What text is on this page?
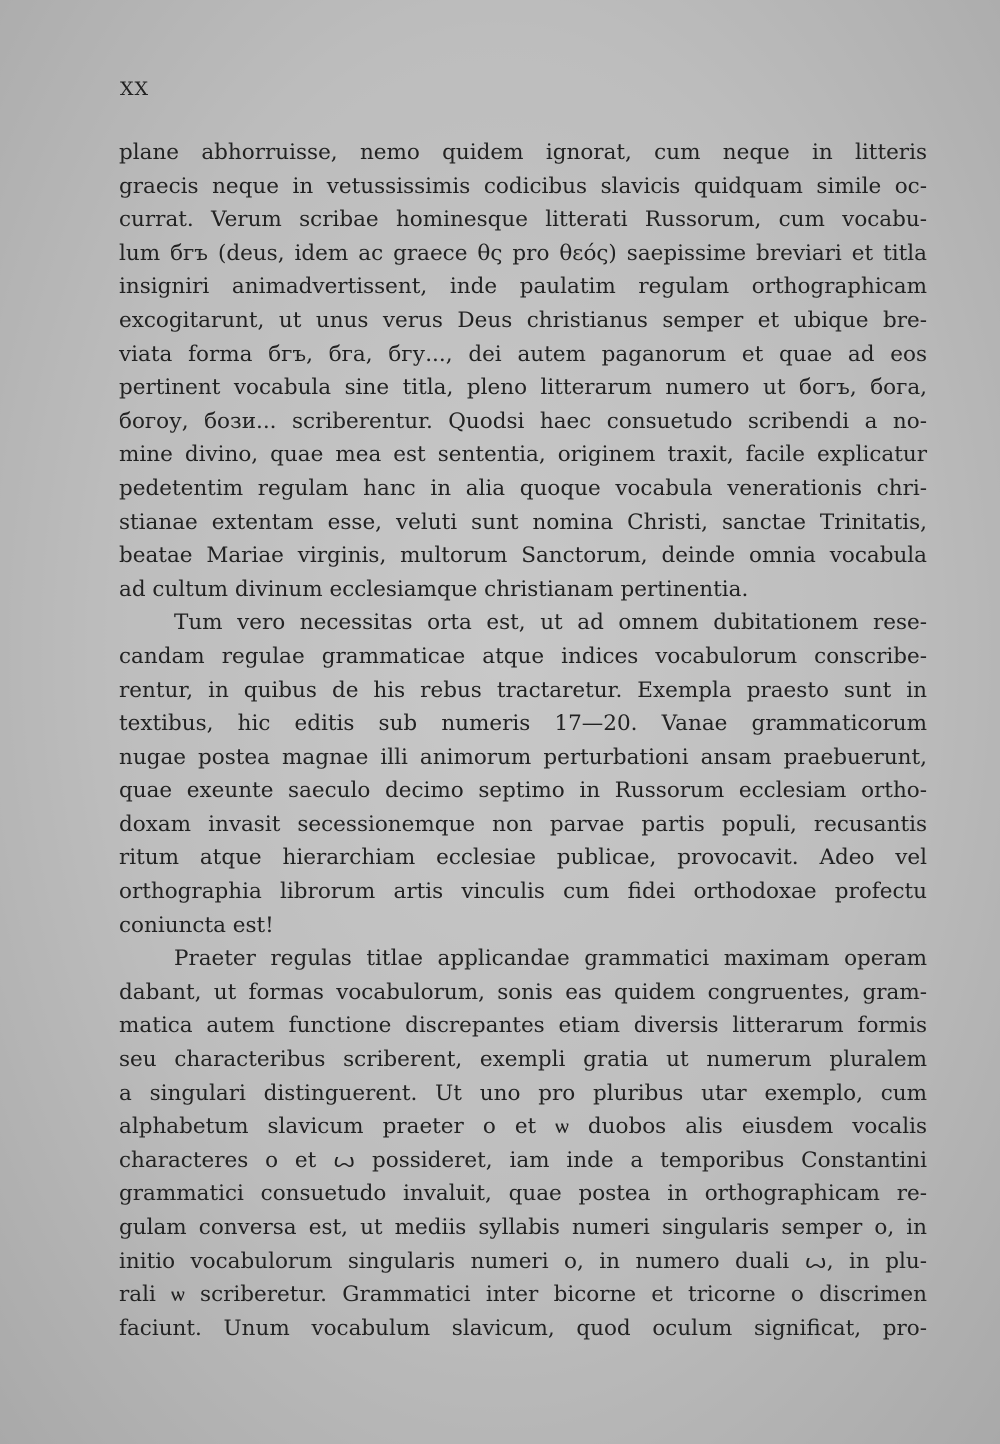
XX
plane abhorruisse, nemo quidem ignorat, cum neque in litteris
graecis neque in vetussissimis codicibus slavicis quidquam simile oc-
currat. Verum scribae hominesque litterati Russorum, cum vocabu-
lum бгъ (deus, idem ac graece θς pro θεός) saepissime breviari et titla
insigniri animadvertissent, inde paulatim regulam orthographicam
excogitarunt, ut unus verus Deus christianus semper et ubique bre-
viata forma бгъ, бга, бгу..., dei autem paganorum et quae ad eos
pertinent vocabula sine titla, pleno litterarum numero ut богъ, бога,
богоу, бози... scriberentur. Quodsi haec consuetudo scribendi a no-
mine divino, quae mea est sententia, originem traxit, facile explicatur
pedetentim regulam hanc in alia quoque vocabula venerationis chri-
stianae extentam esse, veluti sunt nomina Christi, sanctae Trinitatis,
beatae Mariae virginis, multorum Sanctorum, deinde omnia vocabula
ad cultum divinum ecclesiamque christianam pertinentia.
Tum vero necessitas orta est, ut ad omnem dubitationem rese-
candam regulae grammaticae atque indices vocabulorum conscribe-
rentur, in quibus de his rebus tractaretur. Exempla praesto sunt in
textibus, hic editis sub numeris 17—20. Vanae grammaticorum
nugae postea magnae illi animorum perturbationi ansam praebuerunt,
quae exeunte saeculo decimo septimo in Russorum ecclesiam ortho-
doxam invasit secessionemque non parvae partis populi, recusantis
ritum atque hierarchiam ecclesiae publicae, provocavit. Adeo vel
orthographia librorum artis vinculis cum fidei orthodoxae profectu
coniuncta est!
Praeter regulas titlae applicandae grammatici maximam operam
dabant, ut formas vocabulorum, sonis eas quidem congruentes, gram-
matica autem functione discrepantes etiam diversis litterarum formis
seu characteribus scriberent, exempli gratia ut numerum pluralem
a singulari distinguerent. Ut uno pro pluribus utar exemplo, cum
alphabetum slavicum praeter о et ѡ duobos alis eiusdem vocalis
characteres о et ꙍ possideret, iam inde a temporibus Constantini
grammatici consuetudo invaluit, quae postea in orthographicam re-
gulam conversa est, ut mediis syllabis numeri singularis semper о, in
initio vocabulorum singularis numeri о, in numero duali ꙍ, in plu-
rali ѡ scriberetur. Grammatici inter bicorne et tricorne o discrimen
faciunt. Unum vocabulum slavicum, quod oculum significat, pro-
